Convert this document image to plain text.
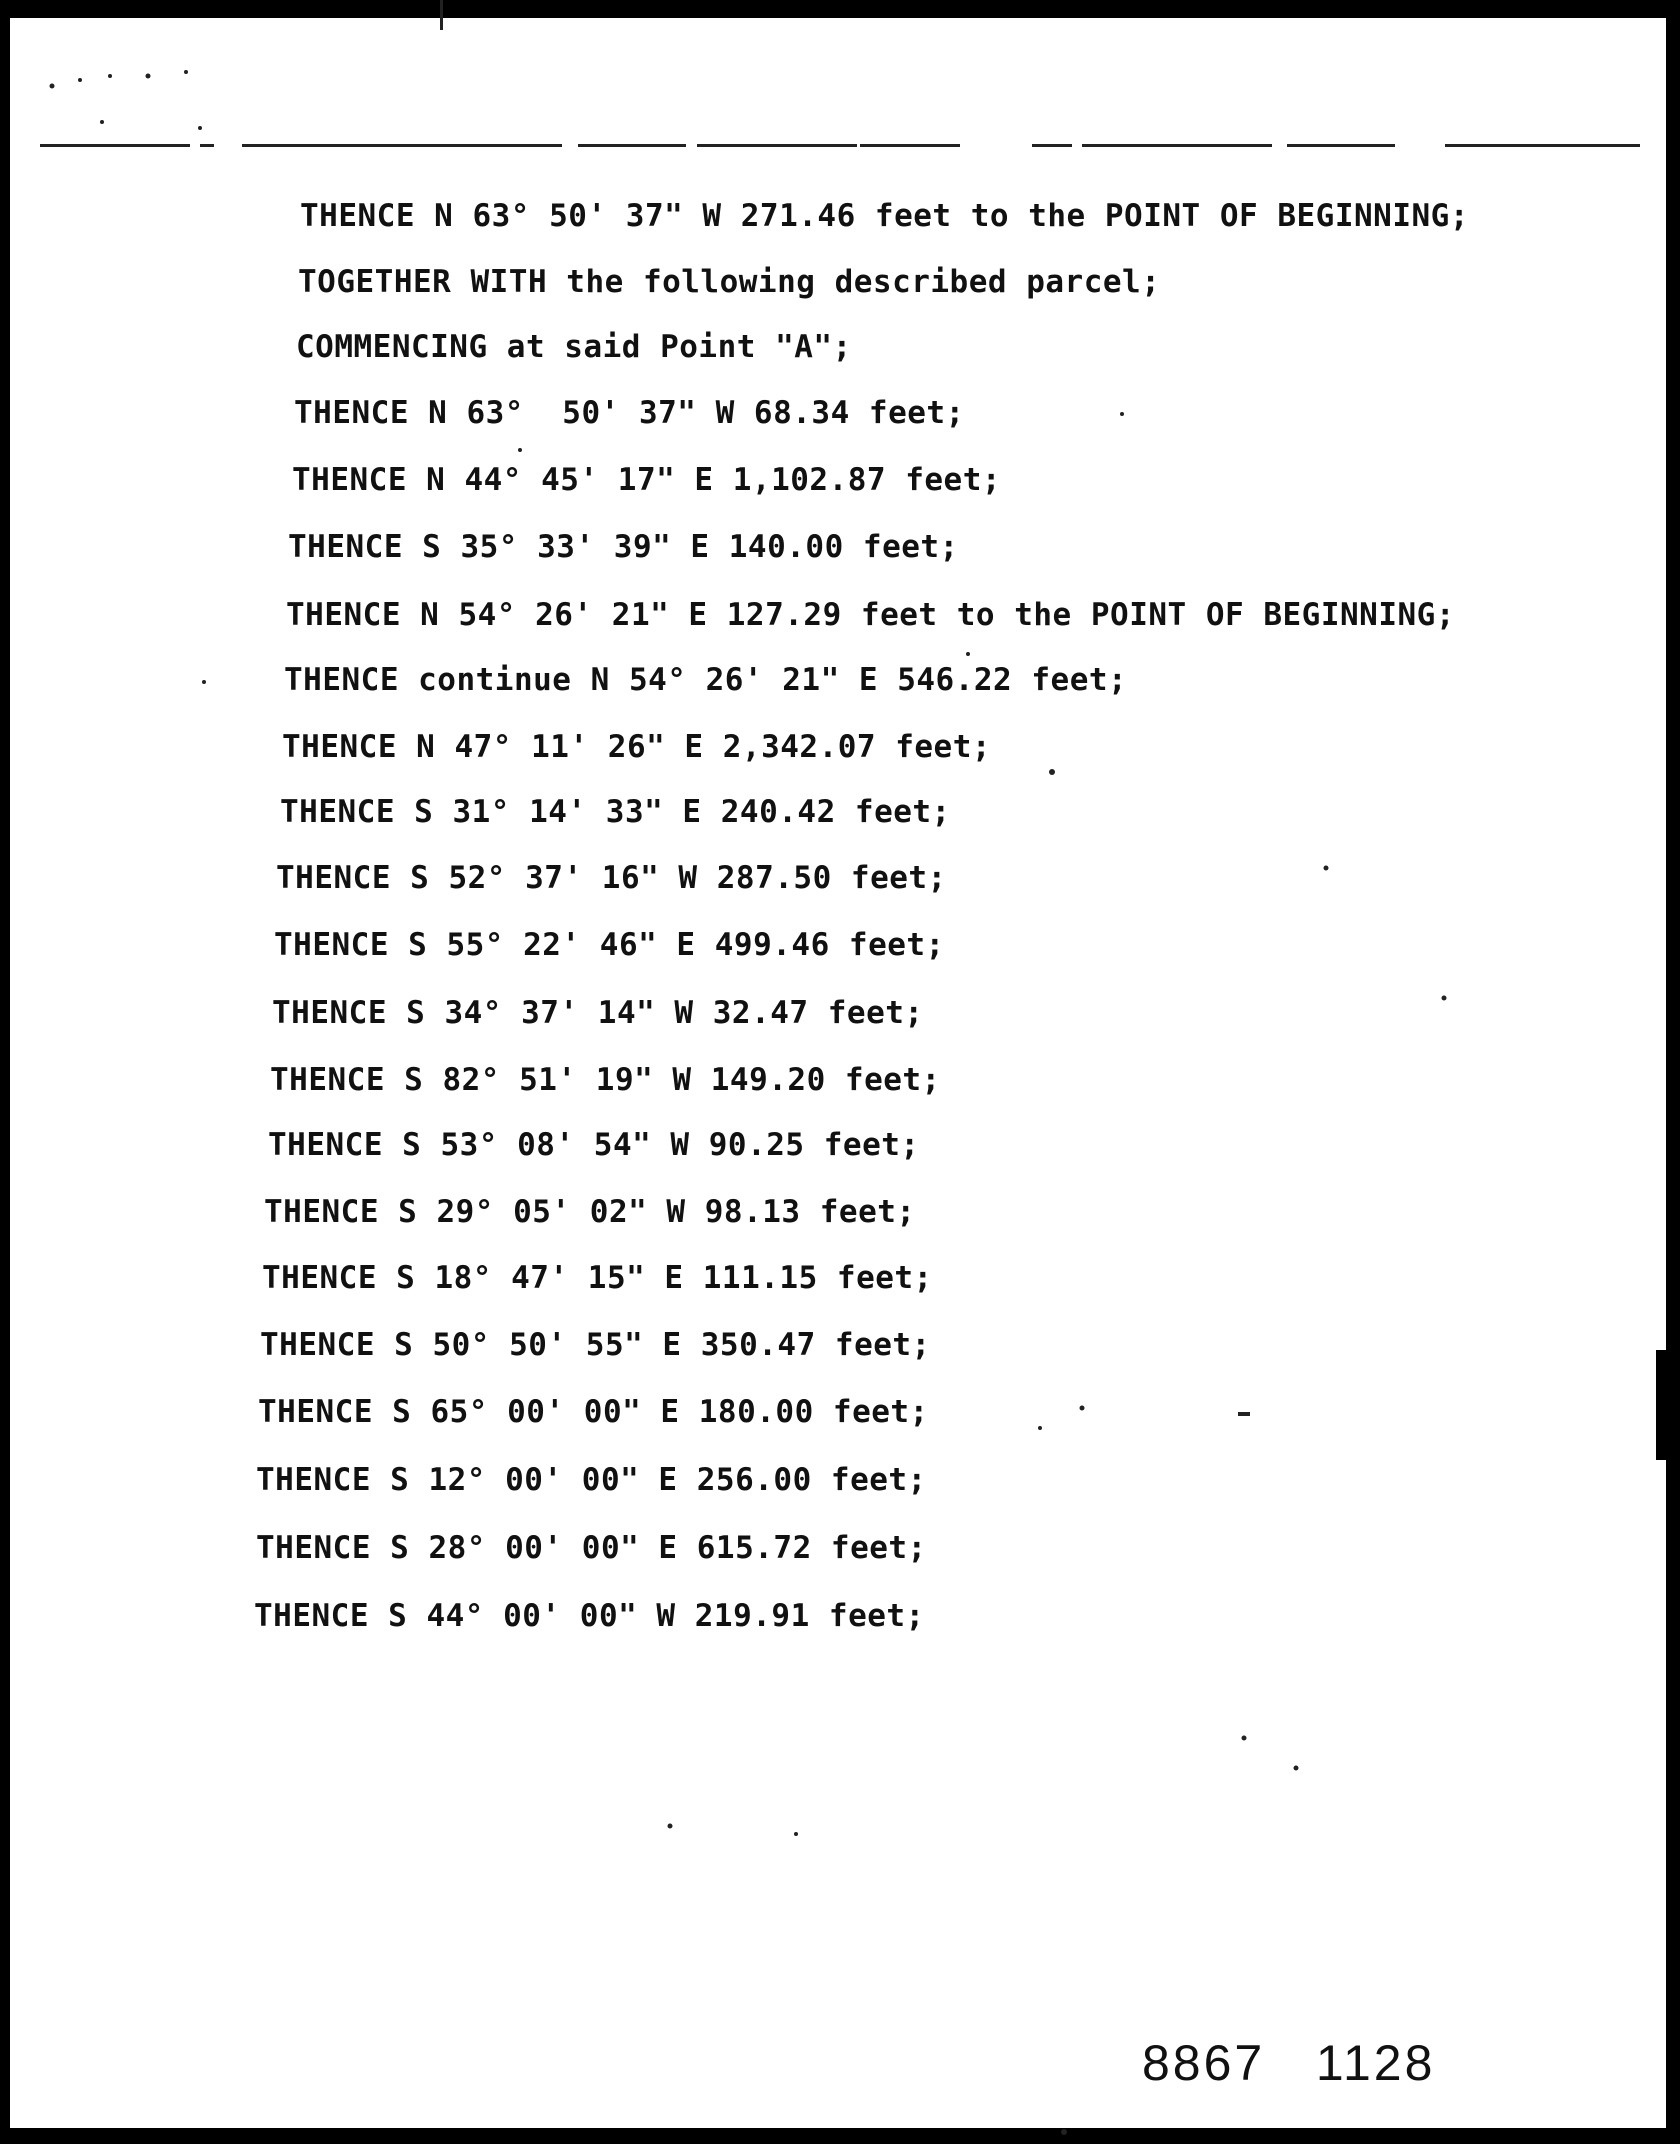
THENCE N 63° 50' 37" W 271.46 feet to the POINT OF BEGINNING;
TOGETHER WITH the following described parcel;
COMMENCING at said Point "A";
THENCE N 63°  50' 37" W 68.34 feet;
THENCE N 44° 45' 17" E 1,102.87 feet;
THENCE S 35° 33' 39" E 140.00 feet;
THENCE N 54° 26' 21" E 127.29 feet to the POINT OF BEGINNING;
THENCE continue N 54° 26' 21" E 546.22 feet;
THENCE N 47° 11' 26" E 2,342.07 feet;
THENCE S 31° 14' 33" E 240.42 feet;
THENCE S 52° 37' 16" W 287.50 feet;
THENCE S 55° 22' 46" E 499.46 feet;
THENCE S 34° 37' 14" W 32.47 feet;
THENCE S 82° 51' 19" W 149.20 feet;
THENCE S 53° 08' 54" W 90.25 feet;
THENCE S 29° 05' 02" W 98.13 feet;
THENCE S 18° 47' 15" E 111.15 feet;
THENCE S 50° 50' 55" E 350.47 feet;
THENCE S 65° 00' 00" E 180.00 feet;
THENCE S 12° 00' 00" E 256.00 feet;
THENCE S 28° 00' 00" E 615.72 feet;
THENCE S 44° 00' 00" W 219.91 feet;
8867   1128
